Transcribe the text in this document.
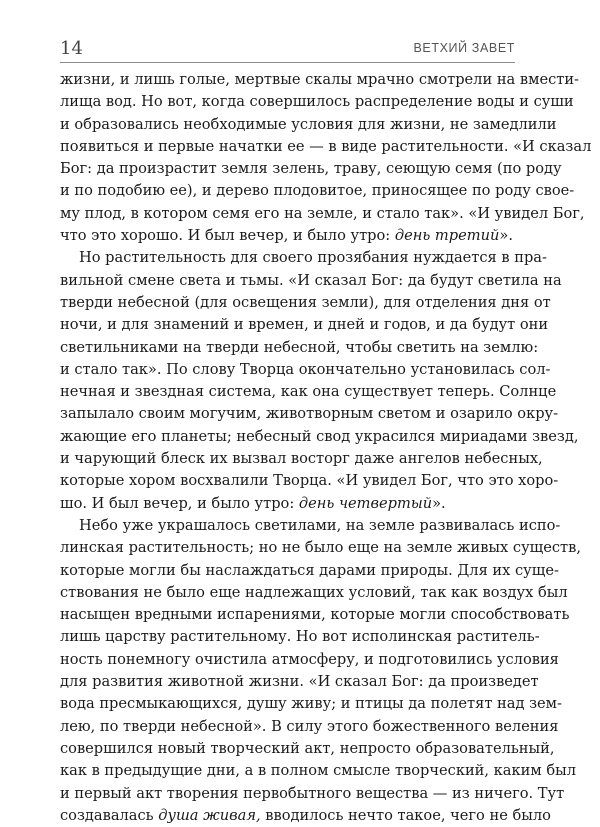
14	ВЕТХИЙ ЗАВЕТ
жизни, и лишь голые, мертвые скалы мрачно смотрели на вмести-
лища вод. Но вот, когда совершилось распределение воды и суши
и образовались необходимые условия для жизни, не замедлили
появиться и первые начатки ее — в виде растительности. «И сказал
Бог: да произрастит земля зелень, траву, сеющую семя (по роду
и по подобию ее), и дерево плодовитое, приносящее по роду свое-
му плод, в котором семя его на земле, и стало так». «И увидел Бог,
что это хорошо. И был вечер, и было утро: день третий».
Но растительность для своего прозябания нуждается в пра-
вильной смене света и тьмы. «И сказал Бог: да будут светила на
тверди небесной (для освещения земли), для отделения дня от
ночи, и для знамений и времен, и дней и годов, и да будут они
светильниками на тверди небесной, чтобы светить на землю:
и стало так». По слову Творца окончательно установилась сол-
нечная и звездная система, как она существует теперь. Солнце
запылало своим могучим, животворным светом и озарило окру-
жающие его планеты; небесный свод украсился мириадами звезд,
и чарующий блеск их вызвал восторг даже ангелов небесных,
которые хором восхвалили Творца. «И увидел Бог, что это хоро-
шо. И был вечер, и было утро: день четвертый».
Небо уже украшалось светилами, на земле развивалась испо-
линская растительность; но не было еще на земле живых существ,
которые могли бы наслаждаться дарами природы. Для их суще-
ствования не было еще надлежащих условий, так как воздух был
насыщен вредными испарениями, которые могли способствовать
лишь царству растительному. Но вот исполинская раститель-
ность понемногу очистила атмосферу, и подготовились условия
для развития животной жизни. «И сказал Бог: да произведет
вода пресмыкающихся, душу живу; и птицы да полетят над зем-
лею, по тверди небесной». В силу этого божественного веления
совершился новый творческий акт, непросто образовательный,
как в предыдущие дни, а в полном смысле творческий, каким был
и первый акт творения первобытного вещества — из ничего. Тут
создавалась душа живая, вводилось нечто такое, чего не было
